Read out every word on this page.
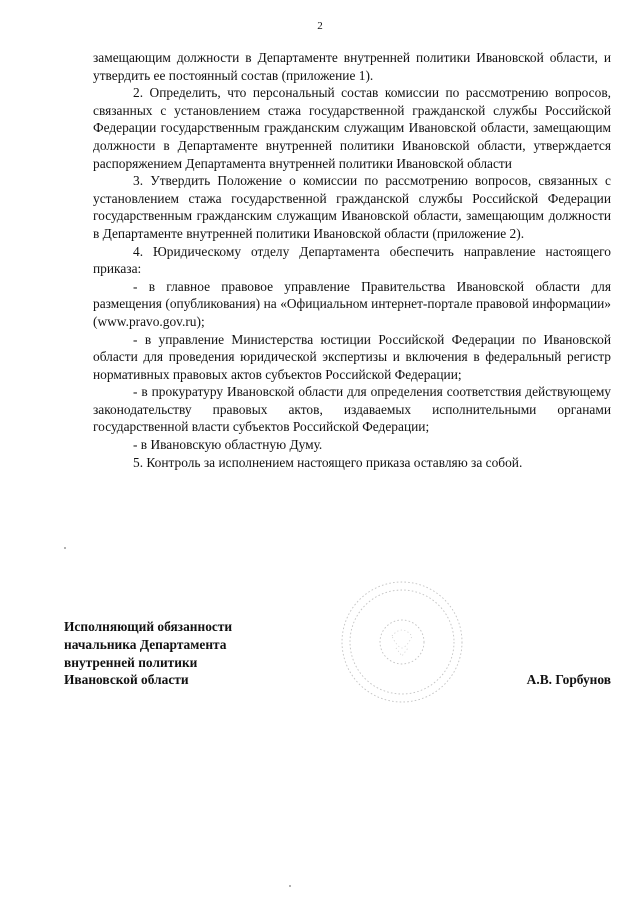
2

замещающим должности в Департаменте внутренней политики Ивановской области, и утвердить ее постоянный состав (приложение 1).

2. Определить, что персональный состав комиссии по рассмотрению вопросов, связанных с установлением стажа государственной гражданской службы Российской Федерации государственным гражданским служащим Ивановской области, замещающим должности в Департаменте внутренней политики Ивановской области, утверждается распоряжением Департамента внутренней политики Ивановской области

3. Утвердить Положение о комиссии по рассмотрению вопросов, связанных с установлением стажа государственной гражданской службы Российской Федерации государственным гражданским служащим Ивановской области, замещающим должности в Департаменте внутренней политики Ивановской области (приложение 2).

4. Юридическому отделу Департамента обеспечить направление настоящего приказа:

- в главное правовое управление Правительства Ивановской области для размещения (опубликования) на «Официальном интернет-портале правовой информации» (www.pravo.gov.ru);

- в управление Министерства юстиции Российской Федерации по Ивановской области для проведения юридической экспертизы и включения в федеральный регистр нормативных правовых актов субъектов Российской Федерации;

- в прокуратуру Ивановской области для определения соответствия действующему законодательству правовых актов, издаваемых исполнительными органами государственной власти субъектов Российской Федерации;

- в Ивановскую областную Думу.

5. Контроль за исполнением настоящего приказа оставляю за собой.

Исполняющий обязанности
начальника Департамента
внутренней политики
Ивановской области	А.В. Горбунов
